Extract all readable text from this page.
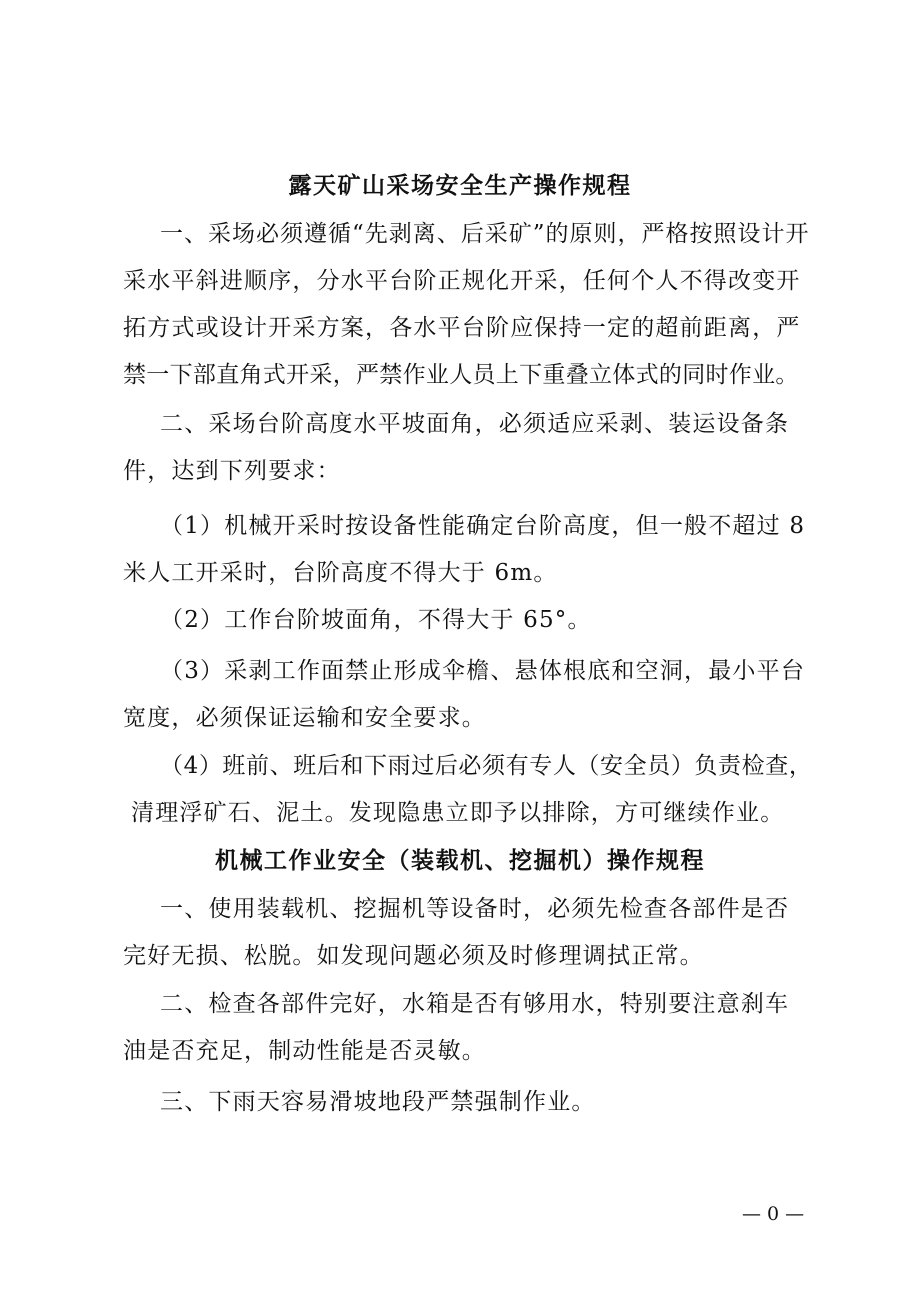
露天矿山采场安全生产操作规程
一、采场必须遵循“先剥离、后采矿”的原则，严格按照设计开
采水平斜进顺序，分水平台阶正规化开采，任何个人不得改变开
拓方式或设计开采方案，各水平台阶应保持一定的超前距离，严
禁一下部直角式开采，严禁作业人员上下重叠立体式的同时作业。
二、采场台阶高度水平坡面角，必须适应采剥、装运设备条
件，达到下列要求：
（1）机械开采时按设备性能确定台阶高度，但一般不超过 8
米人工开采时，台阶高度不得大于 6m。
（2）工作台阶坡面角，不得大于 65°。
（3）采剥工作面禁止形成伞檐、悬体根底和空洞，最小平台
宽度，必须保证运输和安全要求。
（4）班前、班后和下雨过后必须有专人（安全员）负责检查，
清理浮矿石、泥土。发现隐患立即予以排除，方可继续作业。
机械工作业安全（装载机、挖掘机）操作规程
一、使用装载机、挖掘机等设备时，必须先检查各部件是否
完好无损、松脱。如发现问题必须及时修理调拭正常。
二、检查各部件完好，水箱是否有够用水，特别要注意刹车
油是否充足，制动性能是否灵敏。
三、下雨天容易滑坡地段严禁强制作业。
— 0 —
